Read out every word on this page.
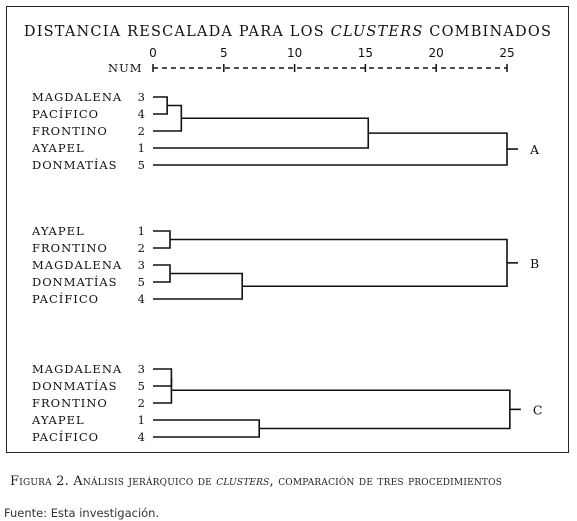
DISTANCIA RESCALADA PARA LOS CLUSTERS COMBINADOS
NUM
0	5	10	15	20	25
MAGDALENA 3
PACÍFICO	4
FRONTINO	2
AYAPEL	1
DONMATÍAS 5
A
AYAPEL	1
FRONTINO	2
MAGDALENA 3
DONMATÍAS 5
PACÍFICO	4
B
MAGDALENA 3
DONMATÍAS 5
FRONTINO	2
AYAPEL	1
PACÍFICO	4
C
Figura 2. Análisis jerárquico de clusters, comparación de tres procedimientos
Fuente: Esta investigación.
